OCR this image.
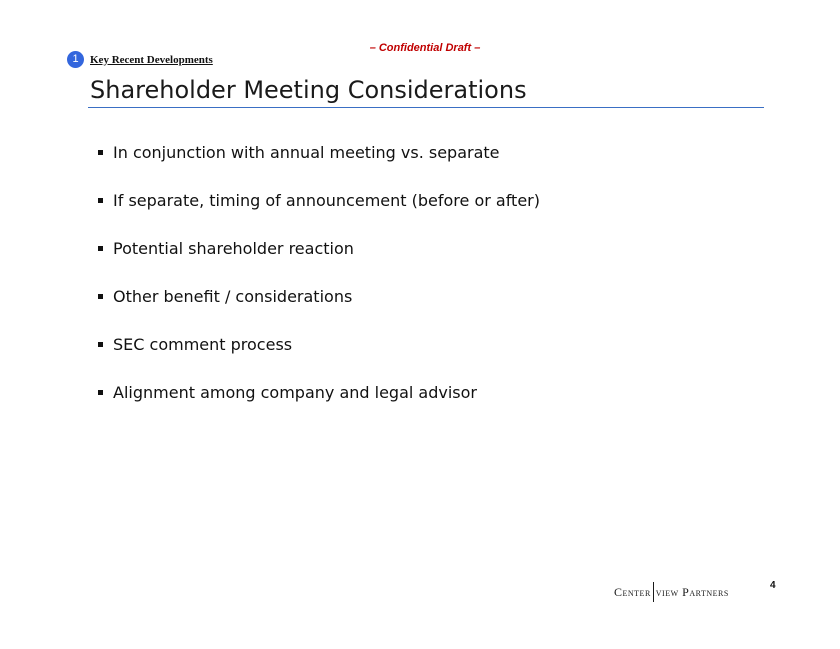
– Confidential Draft –
1	Key Recent Developments
Shareholder Meeting Considerations
In conjunction with annual meeting vs. separate
If separate, timing of announcement (before or after)
Potential shareholder reaction
Other benefit / considerations
SEC comment process
Alignment among company and legal advisor
Center view Partners	4
